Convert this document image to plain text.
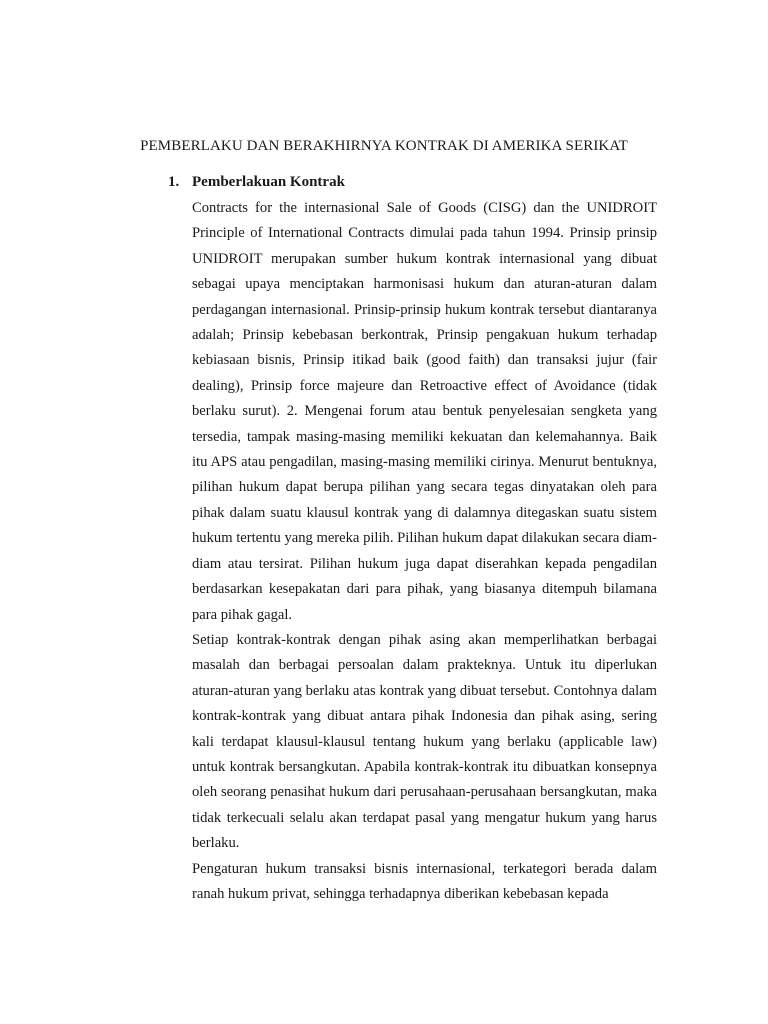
PEMBERLAKU DAN BERAKHIRNYA KONTRAK DI AMERIKA SERIKAT
1. Pemberlakuan Kontrak

Contracts for the internasional Sale of Goods (CISG) dan the UNIDROIT Principle of International Contracts dimulai pada tahun 1994. Prinsip prinsip UNIDROIT merupakan sumber hukum kontrak internasional yang dibuat sebagai upaya menciptakan harmonisasi hukum dan aturan-aturan dalam perdagangan internasional. Prinsip-prinsip hukum kontrak tersebut diantaranya adalah; Prinsip kebebasan berkontrak, Prinsip pengakuan hukum terhadap kebiasaan bisnis, Prinsip itikad baik (good faith) dan transaksi jujur (fair dealing), Prinsip force majeure dan Retroactive effect of Avoidance (tidak berlaku surut). 2. Mengenai forum atau bentuk penyelesaian sengketa yang tersedia, tampak masing-masing memiliki kekuatan dan kelemahannya. Baik itu APS atau pengadilan, masing-masing memiliki cirinya. Menurut bentuknya, pilihan hukum dapat berupa pilihan yang secara tegas dinyatakan oleh para pihak dalam suatu klausul kontrak yang di dalamnya ditegaskan suatu sistem hukum tertentu yang mereka pilih. Pilihan hukum dapat dilakukan secara diam-diam atau tersirat. Pilihan hukum juga dapat diserahkan kepada pengadilan berdasarkan kesepakatan dari para pihak, yang biasanya ditempuh bilamana para pihak gagal.

Setiap kontrak-kontrak dengan pihak asing akan memperlihatkan berbagai masalah dan berbagai persoalan dalam prakteknya. Untuk itu diperlukan aturan-aturan yang berlaku atas kontrak yang dibuat tersebut. Contohnya dalam kontrak-kontrak yang dibuat antara pihak Indonesia dan pihak asing, sering kali terdapat klausul-klausul tentang hukum yang berlaku (applicable law) untuk kontrak bersangkutan. Apabila kontrak-kontrak itu dibuatkan konsepnya oleh seorang penasihat hukum dari perusahaan-perusahaan bersangkutan, maka tidak terkecuali selalu akan terdapat pasal yang mengatur hukum yang harus berlaku.

Pengaturan hukum transaksi bisnis internasional, terkategori berada dalam ranah hukum privat, sehingga terhadapnya diberikan kebebasan kepada
